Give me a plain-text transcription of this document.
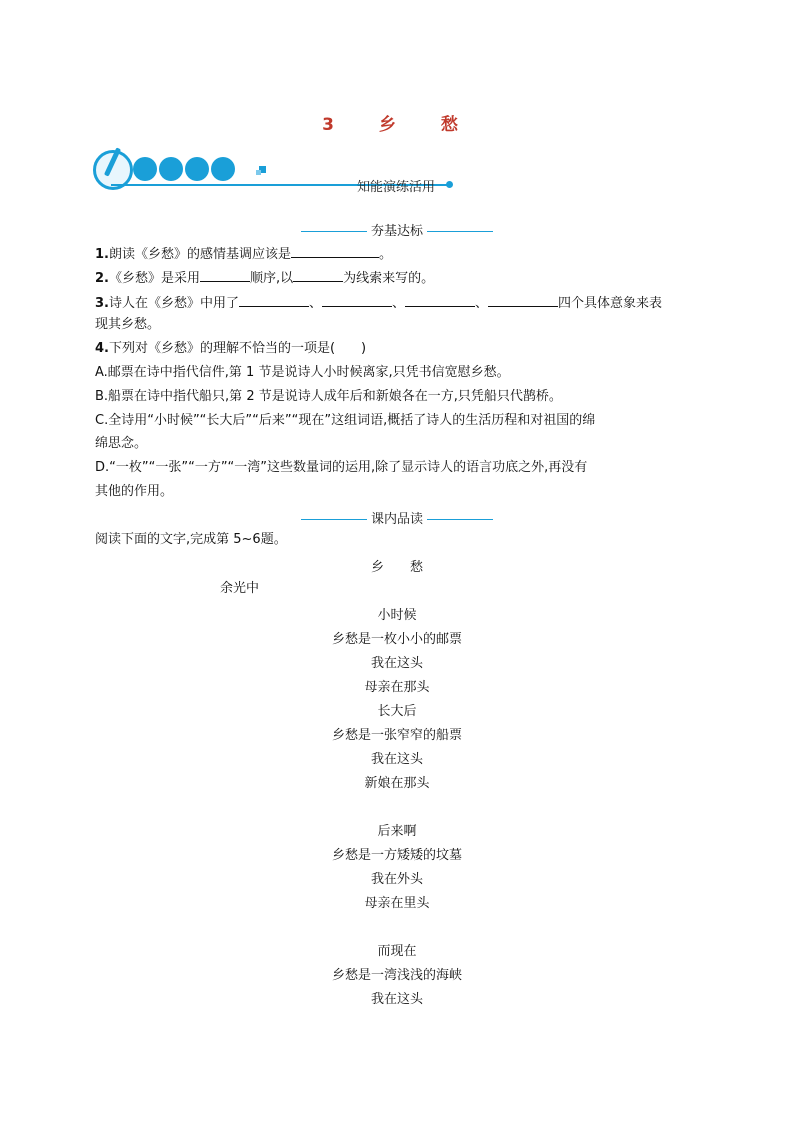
3　乡　愁
知能演练活用
夯基达标
1.朗读《乡愁》的感情基调应该是	。
2.《乡愁》是采用	顺序,以	为线索来写的。
3.诗人在《乡愁》中用了	、	、	、	四个具体意象来表
现其乡愁。
4.下列对《乡愁》的理解不恰当的一项是(　　)
A.邮票在诗中指代信件,第 1 节是说诗人小时候离家,只凭书信宽慰乡愁。
B.船票在诗中指代船只,第 2 节是说诗人成年后和新娘各在一方,只凭船只代鹊桥。
C.全诗用“小时候”“长大后”“后来”“现在”这组词语,概括了诗人的生活历程和对祖国的绵
绵思念。
D.“一枚”“一张”“一方”“一湾”这些数量词的运用,除了显示诗人的语言功底之外,再没有
其他的作用。
课内品读
阅读下面的文字,完成第 5~6题。
乡　　愁
余光中
小时候
乡愁是一枚小小的邮票
我在这头
母亲在那头
长大后
乡愁是一张窄窄的船票
我在这头
新娘在那头
后来啊
乡愁是一方矮矮的坟墓
我在外头
母亲在里头
而现在
乡愁是一湾浅浅的海峡
我在这头
